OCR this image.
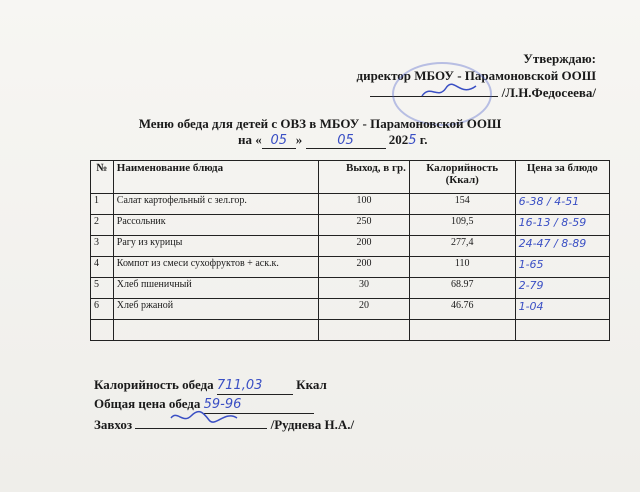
Утверждаю:
директор МБОУ - Парамоновской ООШ
/Л.Н.Федосеева/
Меню обеда для детей с ОВЗ в МБОУ - Парамоновской ООШ
на « 05 »	05	2025 г.
№	Наименование блюда	Выход, в гр.	Калорийность (Ккал)	Цена за блюдо
1	Салат картофельный с зел.гор.	100	154	6-38 / 4-51
2	Рассольник	250	109,5	16-13 / 8-59
3	Рагу из курицы	200	277,4	24-47 / 8-89
4	Компот из смеси сухофруктов + аск.к.	200	110	1-65
5	Хлеб пшеничный	30	68.97	2-79
6	Хлеб ржаной	20	46.76	1-04

Калорийность обеда 711,03	Ккал
Общая цена обеда 59-96
Завхоз	/Руднева Н.А./
